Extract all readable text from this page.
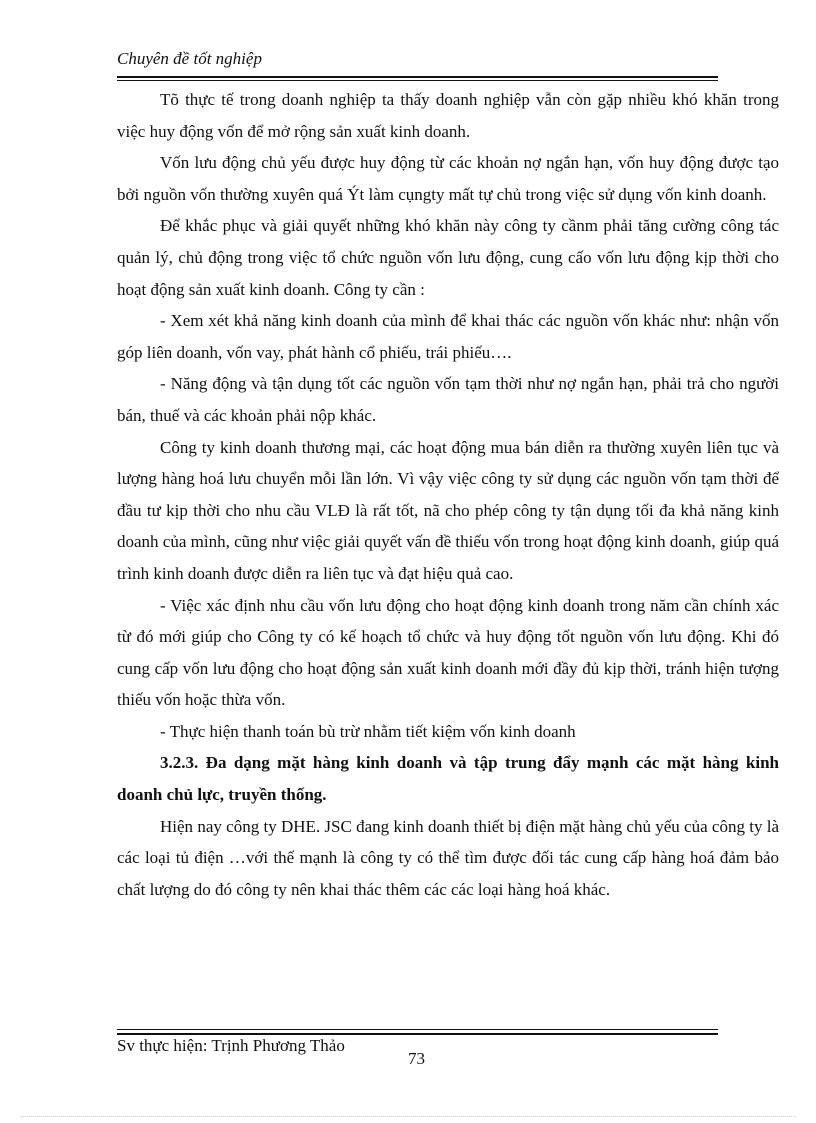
Chuyên đề tốt nghiệp

Tõ thực tế trong doanh nghiệp ta thấy doanh nghiệp vẫn còn gặp nhiều khó khăn trong việc huy động vốn để mở rộng sản xuất kinh doanh.

Vốn lưu động chủ yếu được huy động từ các khoản nợ ngắn hạn, vốn huy động được tạo bởi nguồn vốn thường xuyên quá Ýt làm cụngty mất tự chủ trong việc sử dụng vốn kinh doanh.

Để khắc phục và giải quyết những khó khăn này công ty cầnm phải tăng cường công tác quản lý, chủ động trong việc tổ chức nguồn vốn lưu động, cung cấo vốn lưu động kịp thời cho hoạt động sản xuất kinh doanh. Công ty cần :

- Xem xét khả năng kinh doanh của mình để khai thác các nguồn vốn khác như: nhận vốn góp liên doanh, vốn vay, phát hành cổ phiếu, trái phiếu….

- Năng động và tận dụng tốt các nguồn vốn tạm thời như nợ ngắn hạn, phải trả cho người bán, thuế và các khoản phải nộp khác.

Công ty kinh doanh thương mại, các hoạt động mua bán diễn ra thường xuyên liên tục và lượng hàng hoá lưu chuyển mỗi lần lớn. Vì vậy việc công ty sử dụng các nguồn vốn tạm thời để đầu tư kịp thời cho nhu cầu VLĐ là rất tốt, nã cho phép công ty tận dụng tối đa khả năng kinh doanh của mình, cũng như việc giải quyết vấn đề thiếu vốn trong hoạt động kinh doanh, giúp quá trình kinh doanh được diễn ra liên tục và đạt hiệu quả cao.

- Việc xác định nhu cầu vốn lưu động cho hoạt động kinh doanh trong năm cần chính xác từ đó mới giúp cho Công ty có kế hoạch tổ chức và huy động tốt nguồn vốn lưu động. Khi đó cung cấp vốn lưu động cho hoạt động sản xuất kinh doanh mới đầy đủ kịp thời, tránh hiện tượng thiếu vốn hoặc thừa vốn.

- Thực hiện thanh toán bù trừ nhằm tiết kiệm vốn kinh doanh

3.2.3. Đa dạng mặt hàng kinh doanh và tập trung đẩy mạnh các mặt hàng kinh doanh chủ lực, truyền thống.

Hiện nay công ty DHE. JSC đang kinh doanh thiết bị điện mặt hàng chủ yếu của công ty là các loại tủ điện …với thế mạnh là công ty có thể tìm được đối tác cung cấp hàng hoá đảm bảo chất lượng do đó công ty nên khai thác thêm các các loại hàng hoá khác.

Sv thực hiện: Trịnh Phương Thảo
73
